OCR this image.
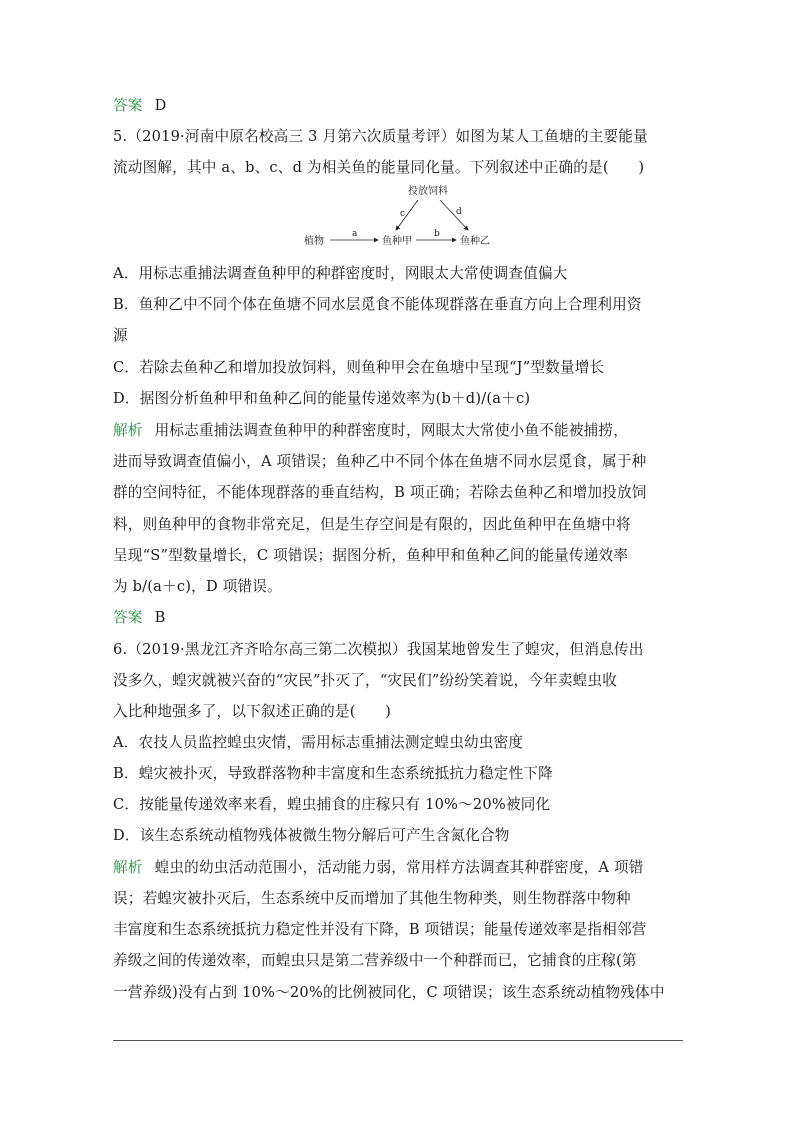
答案 D
5.（2019·河南中原名校高三 3 月第六次质量考评）如图为某人工鱼塘的主要能量
流动图解，其中 a、b、c、d 为相关鱼的能量同化量。下列叙述中正确的是(　　)
投放饲料
植物	鱼种甲	鱼种乙
a	b
c	d
A．用标志重捕法调查鱼种甲的种群密度时，网眼太大常使调查值偏大
B．鱼种乙中不同个体在鱼塘不同水层觅食不能体现群落在垂直方向上合理利用资
源
C．若除去鱼种乙和增加投放饲料，则鱼种甲会在鱼塘中呈现“J”型数量增长
D．据图分析鱼种甲和鱼种乙间的能量传递效率为(b＋d)/(a＋c)
解析 用标志重捕法调查鱼种甲的种群密度时，网眼太大常使小鱼不能被捕捞，
进而导致调查值偏小，A 项错误；鱼种乙中不同个体在鱼塘不同水层觅食，属于种
群的空间特征，不能体现群落的垂直结构，B 项正确；若除去鱼种乙和增加投放饲
料，则鱼种甲的食物非常充足，但是生存空间是有限的，因此鱼种甲在鱼塘中将
呈现“S”型数量增长，C 项错误；据图分析，鱼种甲和鱼种乙间的能量传递效率
为 b/(a＋c)，D 项错误。
答案 B
6.（2019·黑龙江齐齐哈尔高三第二次模拟）我国某地曾发生了蝗灾，但消息传出
没多久，蝗灾就被兴奋的“灾民”扑灭了，“灾民们”纷纷笑着说，今年卖蝗虫收
入比种地强多了，以下叙述正确的是(　　)
A．农技人员监控蝗虫灾情，需用标志重捕法测定蝗虫幼虫密度
B．蝗灾被扑灭，导致群落物种丰富度和生态系统抵抗力稳定性下降
C．按能量传递效率来看，蝗虫捕食的庄稼只有 10%～20%被同化
D．该生态系统动植物残体被微生物分解后可产生含氮化合物
解析 蝗虫的幼虫活动范围小，活动能力弱，常用样方法调查其种群密度，A 项错
误；若蝗灾被扑灭后，生态系统中反而增加了其他生物种类，则生物群落中物种
丰富度和生态系统抵抗力稳定性并没有下降，B 项错误；能量传递效率是指相邻营
养级之间的传递效率，而蝗虫只是第二营养级中一个种群而已，它捕食的庄稼(第
一营养级)没有占到 10%～20%的比例被同化，C 项错误；该生态系统动植物残体中
